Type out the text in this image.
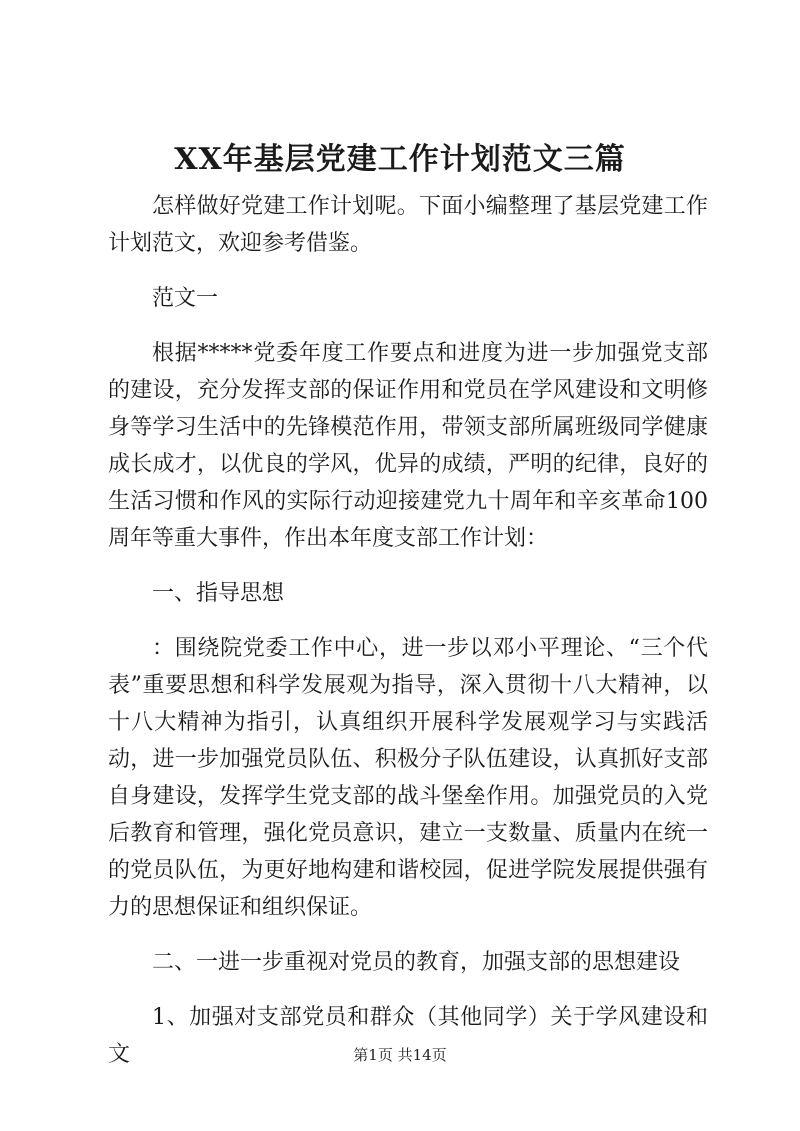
XX年基层党建工作计划范文三篇

怎样做好党建工作计划呢。下面小编整理了基层党建工作计划范文，欢迎参考借鉴。

范文一

根据*****党委年度工作要点和进度为进一步加强党支部的建设，充分发挥支部的保证作用和党员在学风建设和文明修身等学习生活中的先锋模范作用，带领支部所属班级同学健康成长成才，以优良的学风，优异的成绩，严明的纪律，良好的生活习惯和作风的实际行动迎接建党九十周年和辛亥革命100周年等重大事件，作出本年度支部工作计划：

一、指导思想

：围绕院党委工作中心，进一步以邓小平理论、“三个代表”重要思想和科学发展观为指导，深入贯彻十八大精神，以十八大精神为指引，认真组织开展科学发展观学习与实践活动，进一步加强党员队伍、积极分子队伍建设，认真抓好支部自身建设，发挥学生党支部的战斗堡垒作用。加强党员的入党后教育和管理，强化党员意识，建立一支数量、质量内在统一的党员队伍，为更好地构建和谐校园，促进学院发展提供强有力的思想保证和组织保证。

二、一进一步重视对党员的教育，加强支部的思想建设

1、加强对支部党员和群众（其他同学）关于学风建设和文	第1页 共14页
